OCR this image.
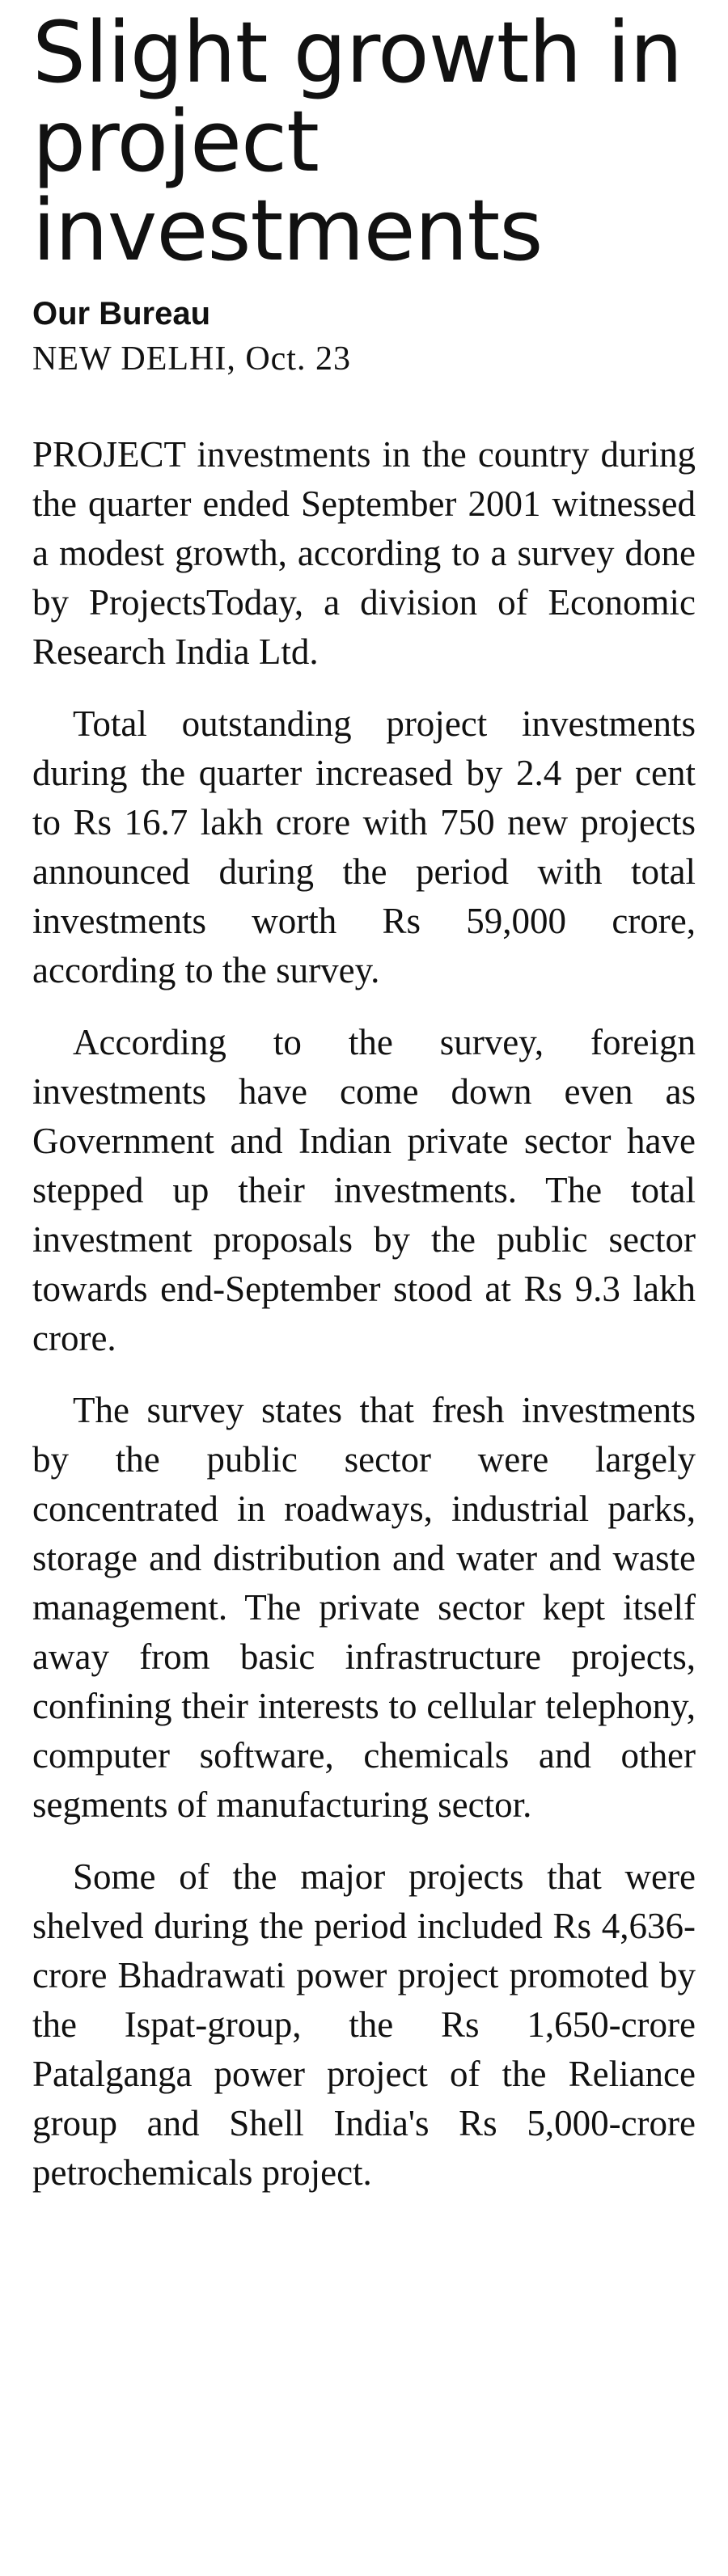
Slight growth in project investments
Our Bureau
NEW DELHI, Oct. 23

PROJECT investments in the country during the quarter ended September 2001 witnessed a modest growth, according to a survey done by ProjectsToday, a division of Economic Research India Ltd.

Total outstanding project investments during the quarter increased by 2.4 per cent to Rs 16.7 lakh crore with 750 new projects announced during the period with total investments worth Rs 59,000 crore, according to the survey.

According to the survey, foreign investments have come down even as Government and Indian private sector have stepped up their investments. The total investment proposals by the public sector towards end-September stood at Rs 9.3 lakh crore.

The survey states that fresh investments by the public sector were largely concentrated in roadways, industrial parks, storage and distribution and water and waste management. The private sector kept itself away from basic infrastructure projects, confining their interests to cellular telephony, computer software, chemicals and other segments of manufacturing sector.

Some of the major projects that were shelved during the period included Rs 4,636-crore Bhadrawati power project promoted by the Ispat-group, the Rs 1,650-crore Patalganga power project of the Reliance group and Shell India's Rs 5,000-crore petrochemicals project.
